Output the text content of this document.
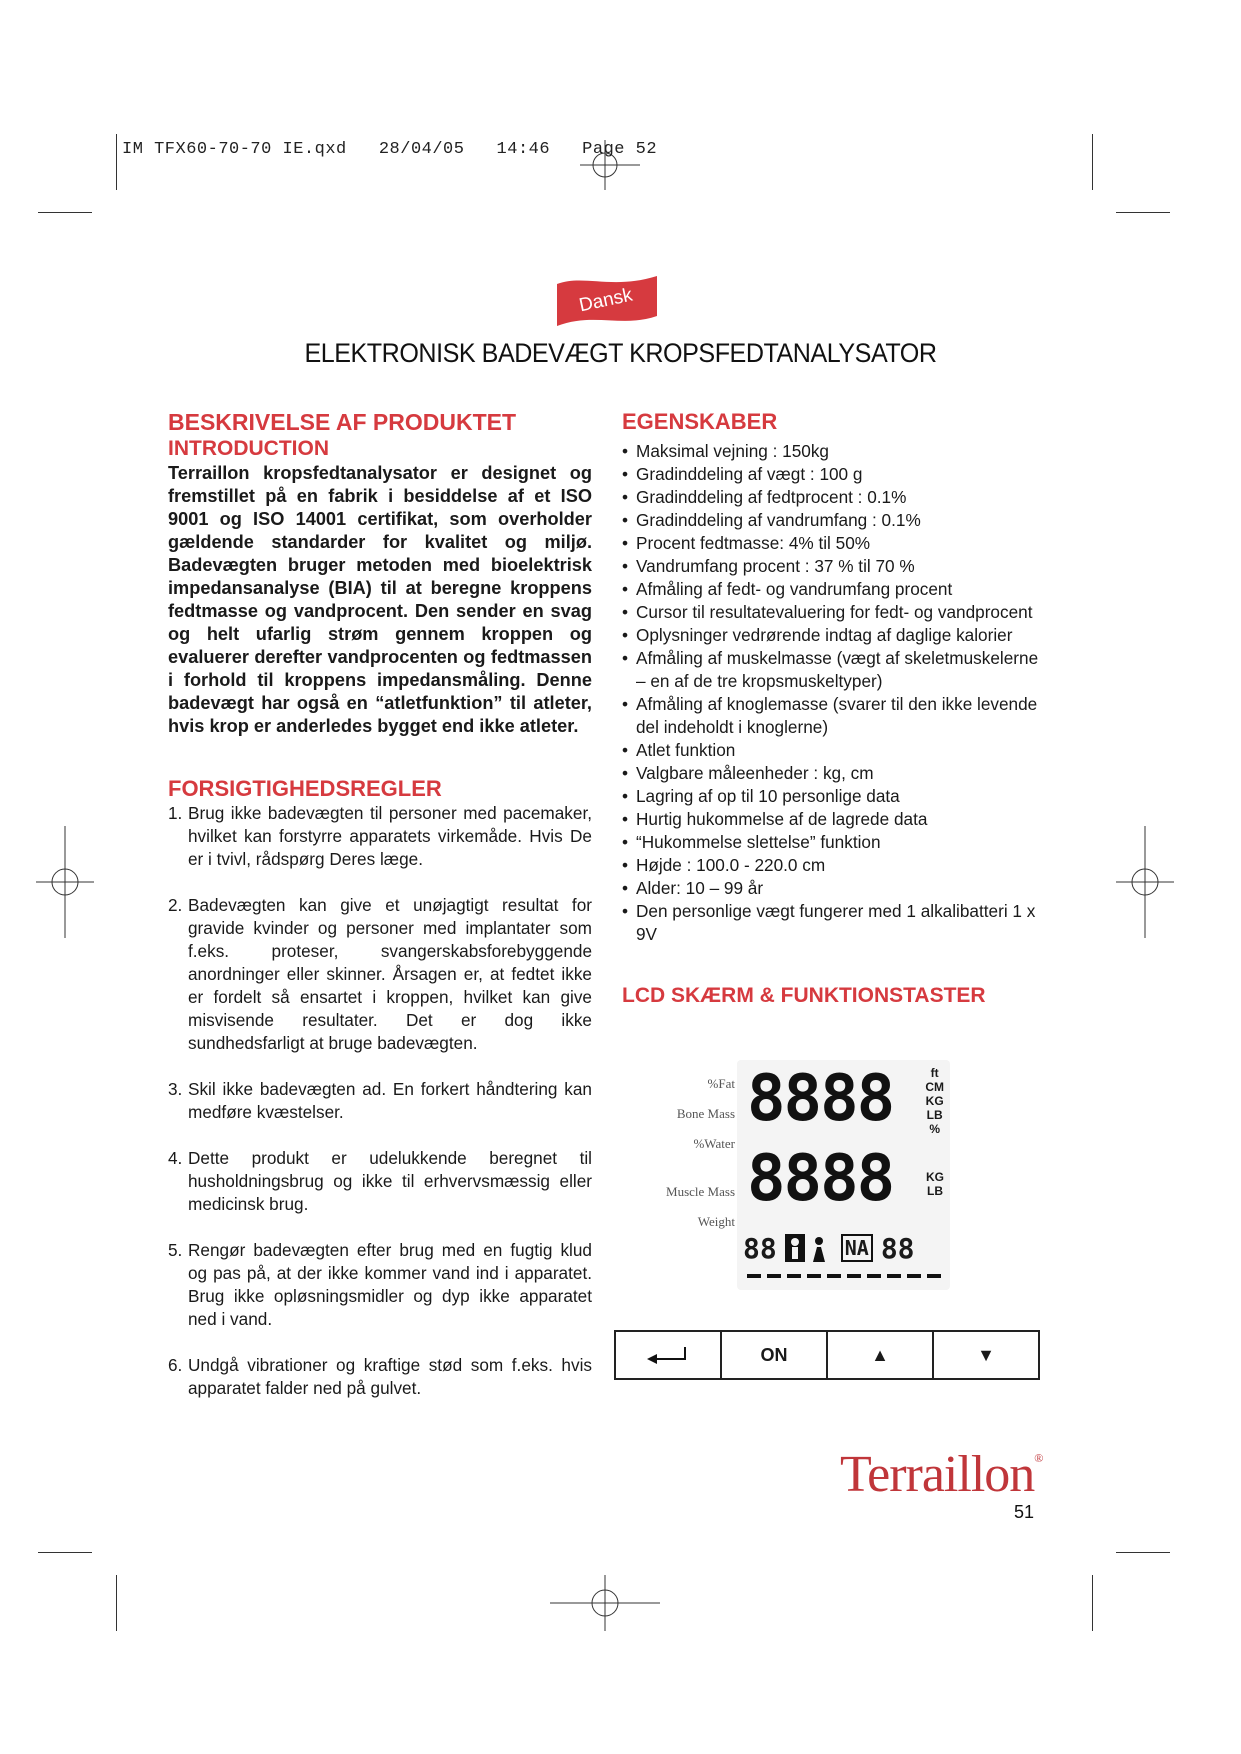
IM TFX60-70-70 IE.qxd   28/04/05   14:46   Page 52
Dansk
ELEKTRONISK BADEVÆGT KROPSFEDTANALYSATOR
BESKRIVELSE AF PRODUKTET
INTRODUCTION

Terraillon kropsfedtanalysator er designet og fremstillet på en fabrik i besiddelse af et ISO 9001 og ISO 14001 certifikat, som overholder gældende standarder for kvalitet og miljø. Badevægten bruger metoden med bioelektrisk impedansanalyse (BIA) til at beregne kroppens fedtmasse og vandprocent. Den sender en svag og helt ufarlig strøm gennem kroppen og evaluerer derefter vandprocenten og fedtmassen i forhold til kroppens impedansmåling. Denne badevægt har også en “atletfunktion” til atleter, hvis krop er anderledes bygget end ikke atleter.

FORSIGTIGHEDSREGLER
1. Brug ikke badevægten til personer med pacemaker, hvilket kan forstyrre apparatets virkemåde. Hvis De er i tvivl, rådspørg Deres læge.
2. Badevægten kan give et unøjagtigt resultat for gravide kvinder og personer med implantater som f.eks. proteser, svangerskabsforebyggende anordninger eller skinner. Årsagen er, at fedtet ikke er fordelt så ensartet i kroppen, hvilket kan give misvisende resultater. Det er dog ikke sundhedsfarligt at bruge badevægten.
3. Skil ikke badevægten ad. En forkert håndtering kan medføre kvæstelser.
4. Dette produkt er udelukkende beregnet til husholdningsbrug og ikke til erhvervsmæssig eller medicinsk brug.
5. Rengør badevægten efter brug med en fugtig klud og pas på, at der ikke kommer vand ind i apparatet. Brug ikke opløsningsmidler og dyp ikke apparatet ned i vand.
6. Undgå vibrationer og kraftige stød som f.eks. hvis apparatet falder ned på gulvet.
EGENSKABER
• Maksimal vejning : 150kg
• Gradinddeling af vægt : 100 g
• Gradinddeling af fedtprocent : 0.1%
• Gradinddeling af vandrumfang : 0.1%
• Procent fedtmasse: 4% til 50%
• Vandrumfang procent : 37 % til 70 %
• Afmåling af fedt- og vandrumfang procent
• Cursor til resultatevaluering for fedt- og vandprocent
• Oplysninger vedrørende indtag af daglige kalorier
• Afmåling af muskelmasse (vægt af skeletmuskelerne – en af de tre kropsmuskeltyper)
• Afmåling af knoglemasse (svarer til den ikke levende del indeholdt i knoglerne)
• Atlet funktion
• Valgbare måleenheder : kg, cm
• Lagring af op til 10 personlige data
• Hurtig hukommelse af de lagrede data
• “Hukommelse slettelse” funktion
• Højde : 100.0 - 220.0 cm
• Alder: 10 – 99 år
• Den personlige vægt fungerer med 1 alkalibatteri 1 x 9V
LCD SKÆRM & FUNKTIONSTASTER
%Fat
Bone Mass
%Water
Muscle Mass
Weight
8888	ft
CM
KG
LB
%
8888	KG
LB
88	NA 88
ON	▲	▼
Terraillon®
51
